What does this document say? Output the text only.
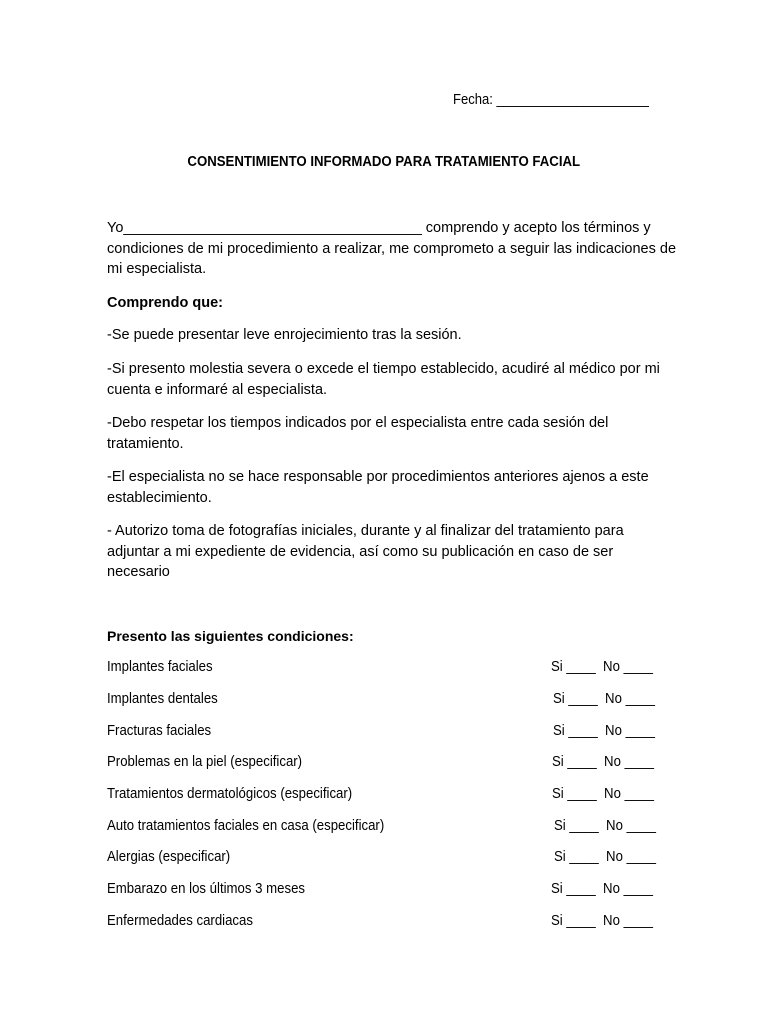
Fecha: _____________________
CONSENTIMIENTO INFORMADO PARA TRATAMIENTO FACIAL

Yo_____________________________________ comprendo y acepto los términos y condiciones de mi procedimiento a realizar, me comprometo a seguir las indicaciones de mi especialista.

Comprendo que:

-Se puede presentar leve enrojecimiento tras la sesión.

-Si presento molestia severa o excede el tiempo establecido, acudiré al médico por mi cuenta e informaré al especialista.

-Debo respetar los tiempos indicados por el especialista entre cada sesión del tratamiento.

-El especialista no se hace responsable por procedimientos anteriores ajenos a este establecimiento.

- Autorizo toma de fotografías iniciales, durante y al finalizar del tratamiento para adjuntar a mi expediente de evidencia, así como su publicación en caso de ser necesario

Presento las siguientes condiciones:

Implantes faciales	Si ____ No ____
Implantes dentales	Si ____ No ____
Fracturas faciales	Si ____ No ____
Problemas en la piel (especificar)	Si ____ No ____
Tratamientos dermatológicos (especificar)	Si ____ No ____
Auto tratamientos faciales en casa (especificar)	Si ____ No ____
Alergias (especificar)	Si ____ No ____
Embarazo en los últimos 3 meses	Si ____ No ____
Enfermedades cardiacas	Si ____ No ____
